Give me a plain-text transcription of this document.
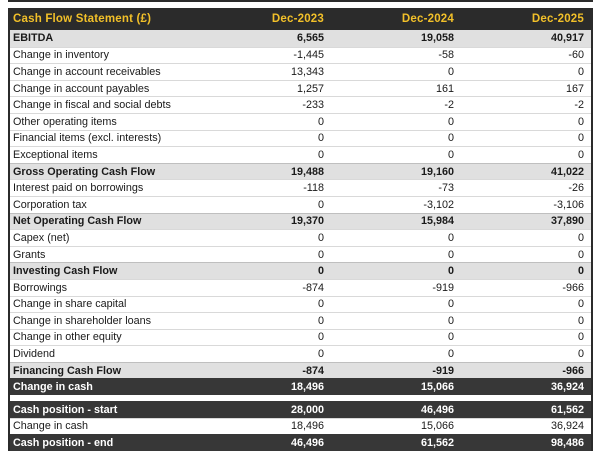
Cash Flow Statement (£)	Dec-2023	Dec-2024	Dec-2025
EBITDA	6,565	19,058	40,917
Change in inventory	-1,445	-58	-60
Change in account receivables	13,343	0	0
Change in account payables	1,257	161	167
Change in fiscal and social debts	-233	-2	-2
Other operating items	0	0	0
Financial items (excl. interests)	0	0	0
Exceptional items	0	0	0
Gross Operating Cash Flow	19,488	19,160	41,022
Interest paid on borrowings	-118	-73	-26
Corporation tax	0	-3,102	-3,106
Net Operating Cash Flow	19,370	15,984	37,890
Capex (net)	0	0	0
Grants	0	0	0
Investing Cash Flow	0	0	0
Borrowings	-874	-919	-966
Change in share capital	0	0	0
Change in shareholder loans	0	0	0
Change in other equity	0	0	0
Dividend	0	0	0
Financing Cash Flow	-874	-919	-966
Change in cash	18,496	15,066	36,924
Cash position - start	28,000	46,496	61,562
Change in cash	18,496	15,066	36,924
Cash position - end	46,496	61,562	98,486
